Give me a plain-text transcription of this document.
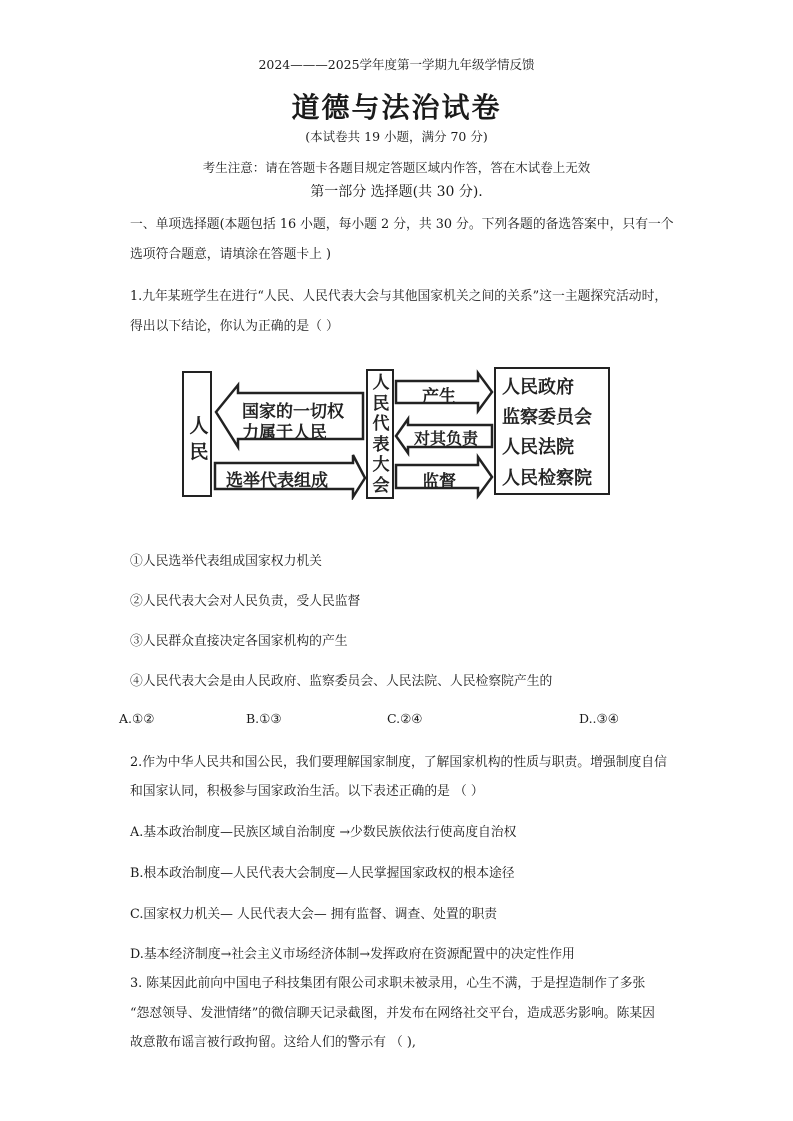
2024———2025学年度第一学期九年级学情反馈
道德与法治试卷
(本试卷共 19 小题，满分 70 分)
考生注意：请在答题卡各题目规定答题区域内作答，答在木试卷上无效
第一部分 选择题(共 30 分).
一、单项选择题(本题包括 16 小题，每小题 2 分，共 30 分。下列各题的备选答案中，只有一个
选项符合题意，请填涂在答题卡上 )
1.九年某班学生在进行“人民、人民代表大会与其他国家机关之间的关系”这一主题探究活动时，
得出以下结论，你认为正确的是（ ）
人民
国家的一切权
力属于人民
选举代表组成
人民代表大会
产生
对其负责
监督
人民政府
监察委员会
人民法院
人民检察院
①人民选举代表组成国家权力机关
②人民代表大会对人民负责，受人民监督
③人民群众直接决定各国家机构的产生
④人民代表大会是由人民政府、监察委员会、人民法院、人民检察院产生的
A.①②	B.①③	C.②④	D..③④
2.作为中华人民共和国公民，我们要理解国家制度，了解国家机构的性质与职责。增强制度自信
和国家认同，积极参与国家政治生活。以下表述正确的是 （ ）
A.基本政治制度—民族区域自治制度 →少数民族依法行使高度自治权
B.根本政治制度—人民代表大会制度—人民掌握国家政权的根本途径
C.国家权力机关— 人民代表大会— 拥有监督、调查、处置的职责
D.基本经济制度→社会主义市场经济体制→发挥政府在资源配置中的决定性作用
3. 陈某因此前向中国电子科技集团有限公司求职未被录用，心生不满，于是捏造制作了多张
“怨怼领导、发泄情绪”的微信聊天记录截图，并发布在网络社交平台，造成恶劣影响。陈某因
故意散布谣言被行政拘留。这给人们的警示有 （ ),
